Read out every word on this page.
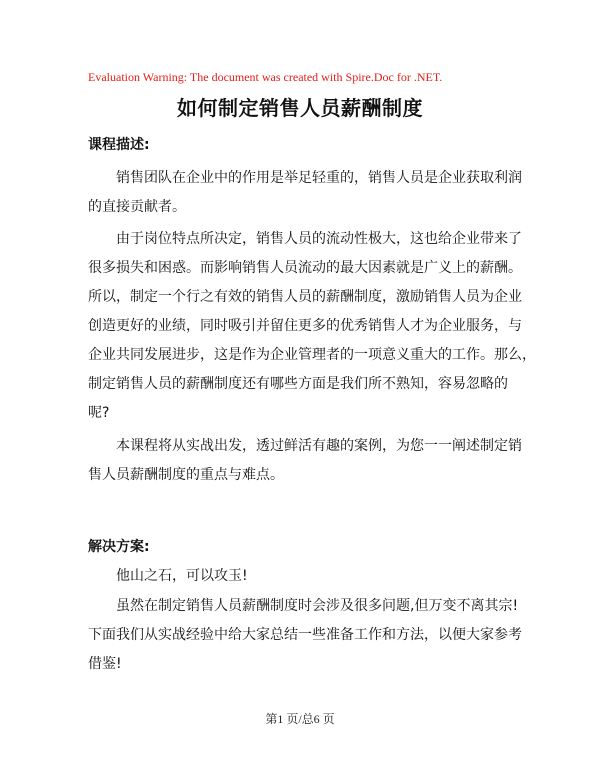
Evaluation Warning: The document was created with Spire.Doc for .NET.
如何制定销售人员薪酬制度
课程描述:
销售团队在企业中的作用是举足轻重的，销售人员是企业获取利润
的直接贡献者。
由于岗位特点所决定，销售人员的流动性极大，这也给企业带来了
很多损失和困惑。而影响销售人员流动的最大因素就是广义上的薪酬。
所以，制定一个行之有效的销售人员的薪酬制度，激励销售人员为企业
创造更好的业绩，同时吸引并留住更多的优秀销售人才为企业服务，与
企业共同发展进步，这是作为企业管理者的一项意义重大的工作。那么，
制定销售人员的薪酬制度还有哪些方面是我们所不熟知，容易忽略的
呢?
本课程将从实战出发，透过鲜活有趣的案例，为您一一阐述制定销
售人员薪酬制度的重点与难点。
解决方案:
他山之石，可以攻玉!
虽然在制定销售人员薪酬制度时会涉及很多问题,但万变不离其宗!
下面我们从实战经验中给大家总结一些准备工作和方法，以便大家参考
借鉴!
第1 页/总6 页
